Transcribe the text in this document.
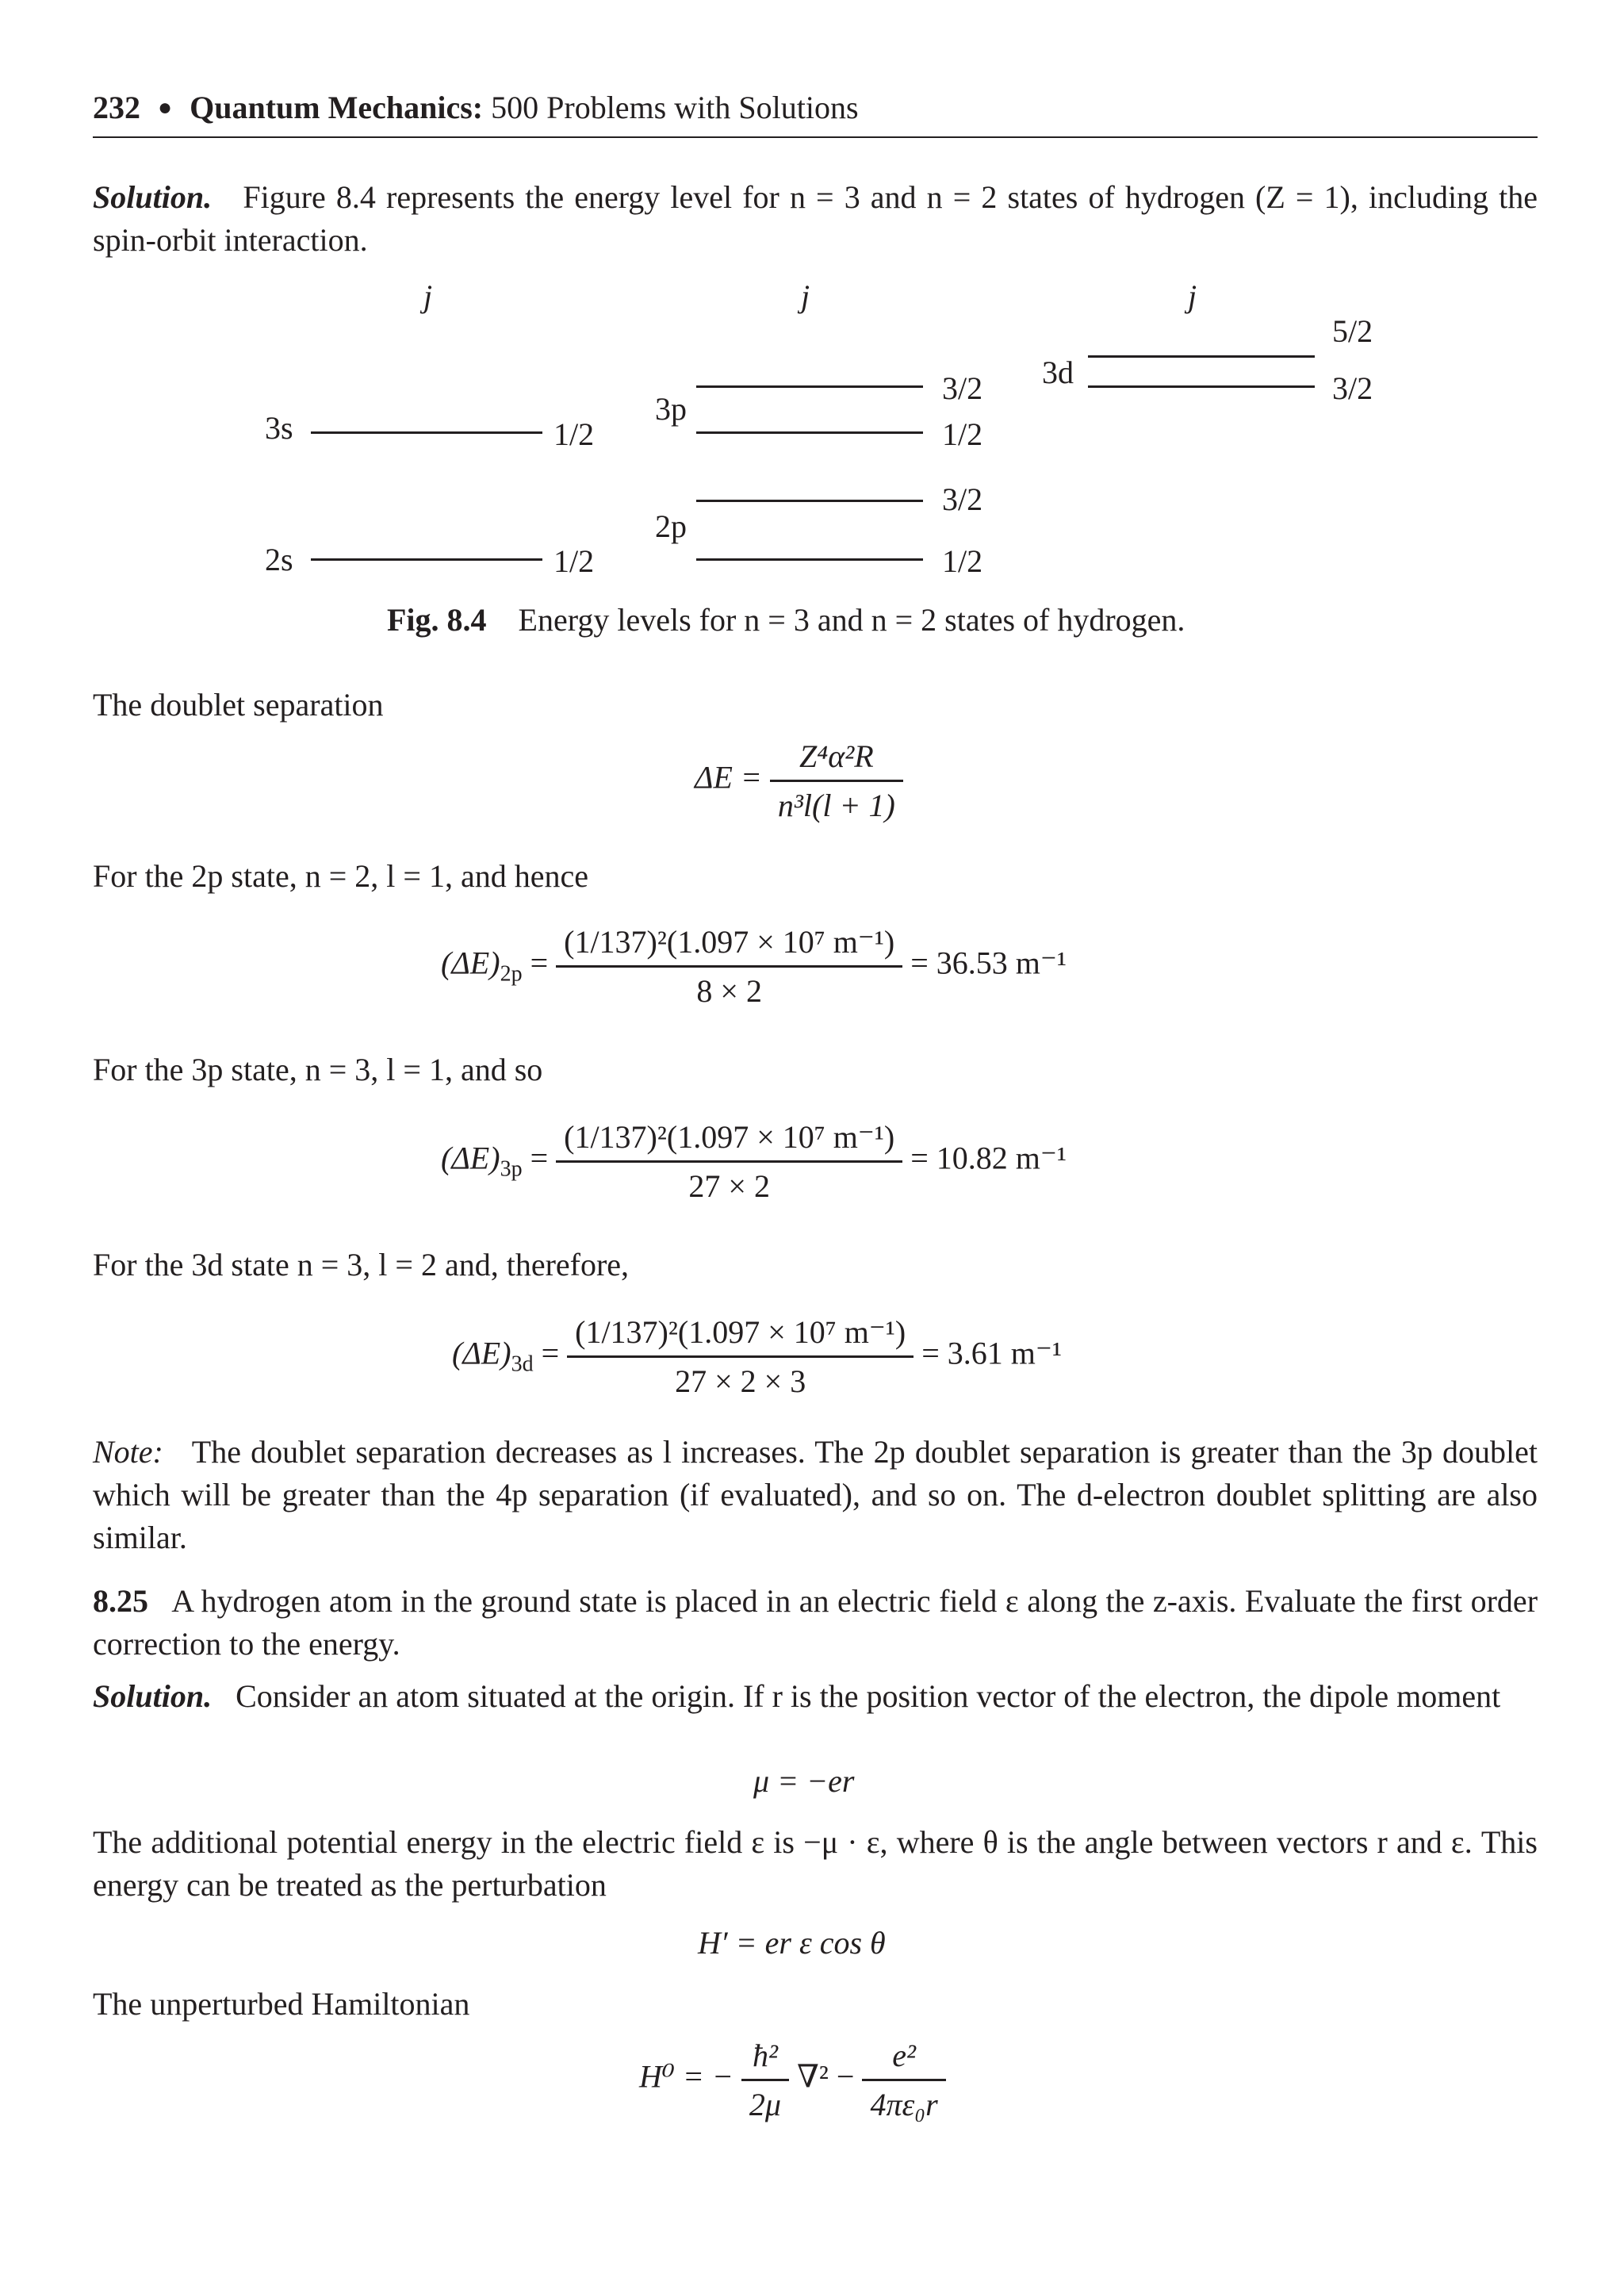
232 ● Quantum Mechanics: 500 Problems with Solutions
Solution. Figure 8.4 represents the energy level for n = 3 and n = 2 states of hydrogen (Z = 1), including the spin-orbit interaction.
j	j	j
3s	1/2
2s	1/2
3p
3/2
1/2
2p
3/2
1/2
3d
5/2
3/2
Fig. 8.4 Energy levels for n = 3 and n = 2 states of hydrogen.
The doublet separation
$\Delta E = \frac{\text{Z⁴α²R}}{\text{n³l(l + 1)}}$
For the 2p state, n = 2, l = 1, and hence
$(\Delta E)_{2p} = \frac{\text{(1/137)²(1.097 × 10⁷ m⁻¹)}}{8 \times 2} = 36.53$ m⁻¹
For the 3p state, n = 3, l = 1, and so
$(\Delta E)_{3p} = \frac{\text{(1/137)²(1.097 × 10⁷ m⁻¹)}}{27 \times 2} = 10.82$ m⁻¹
For the 3d state n = 3, l = 2 and, therefore,
$(\Delta E)_{3d} = \frac{\text{(1/137)²(1.097 × 10⁷ m⁻¹)}}{27 \times 2 \times 3} = 3.61$ m⁻¹
Note: The doublet separation decreases as l increases. The 2p doublet separation is greater than the 3p doublet which will be greater than the 4p separation (if evaluated), and so on. The d-electron doublet splitting are also similar.
8.25 A hydrogen atom in the ground state is placed in an electric field ε along the z-axis. Evaluate the first order correction to the energy.
Solution. Consider an atom situated at the origin. If r is the position vector of the electron, the dipole moment
μ = −er
The additional potential energy in the electric field ε is −μ · ε, where θ is the angle between vectors r and ε. This energy can be treated as the perturbation
H′ = er ε cos θ
The unperturbed Hamiltonian
H⁰ = − $\frac{\text{ħ²}}{2\mu} \nabla^2 - \frac{\text{e²}}{\text{4πε₀r}}$
